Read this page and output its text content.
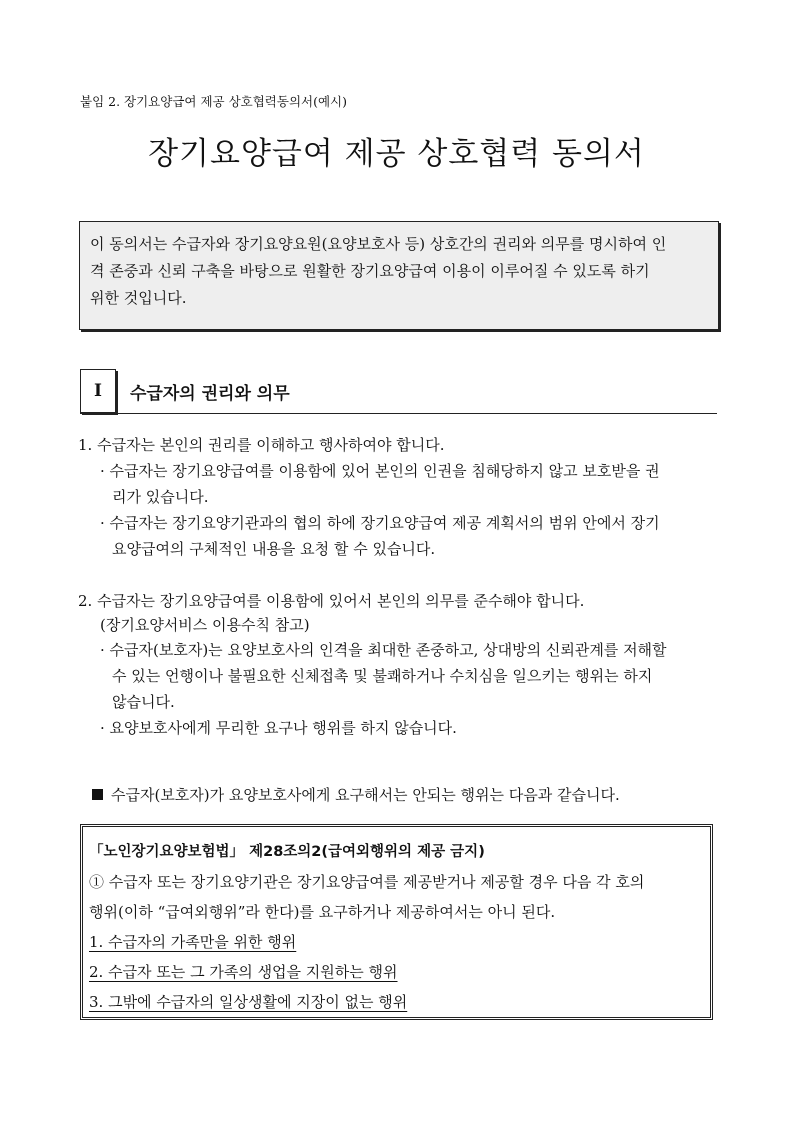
붙임 2. 장기요양급여 제공 상호협력동의서(예시)
장기요양급여 제공 상호협력 동의서
이 동의서는 수급자와 장기요양요원(요양보호사 등) 상호간의 권리와 의무를 명시하여 인
격 존중과 신뢰 구축을 바탕으로 원활한 장기요양급여 이용이 이루어질 수 있도록 하기
위한 것입니다.
I	수급자의 권리와 의무
1. 수급자는 본인의 권리를 이해하고 행사하여야 합니다.
· 수급자는 장기요양급여를 이용함에 있어 본인의 인권을 침해당하지 않고 보호받을 권
리가 있습니다.
· 수급자는 장기요양기관과의 협의 하에 장기요양급여 제공 계획서의 범위 안에서 장기
요양급여의 구체적인 내용을 요청 할 수 있습니다.
2. 수급자는 장기요양급여를 이용함에 있어서 본인의 의무를 준수해야 합니다.
(장기요양서비스 이용수칙 참고)
· 수급자(보호자)는 요양보호사의 인격을 최대한 존중하고, 상대방의 신뢰관계를 저해할
수 있는 언행이나 불필요한 신체접촉 및 불쾌하거나 수치심을 일으키는 행위는 하지
않습니다.
· 요양보호사에게 무리한 요구나 행위를 하지 않습니다.
수급자(보호자)가 요양보호사에게 요구해서는 안되는 행위는 다음과 같습니다.
「노인장기요양보험법」 제28조의2(급여외행위의 제공 금지)
① 수급자 또는 장기요양기관은 장기요양급여를 제공받거나 제공할 경우 다음 각 호의
행위(이하 “급여외행위”라 한다)를 요구하거나 제공하여서는 아니 된다.
1. 수급자의 가족만을 위한 행위
2. 수급자 또는 그 가족의 생업을 지원하는 행위
3. 그밖에 수급자의 일상생활에 지장이 없는 행위
